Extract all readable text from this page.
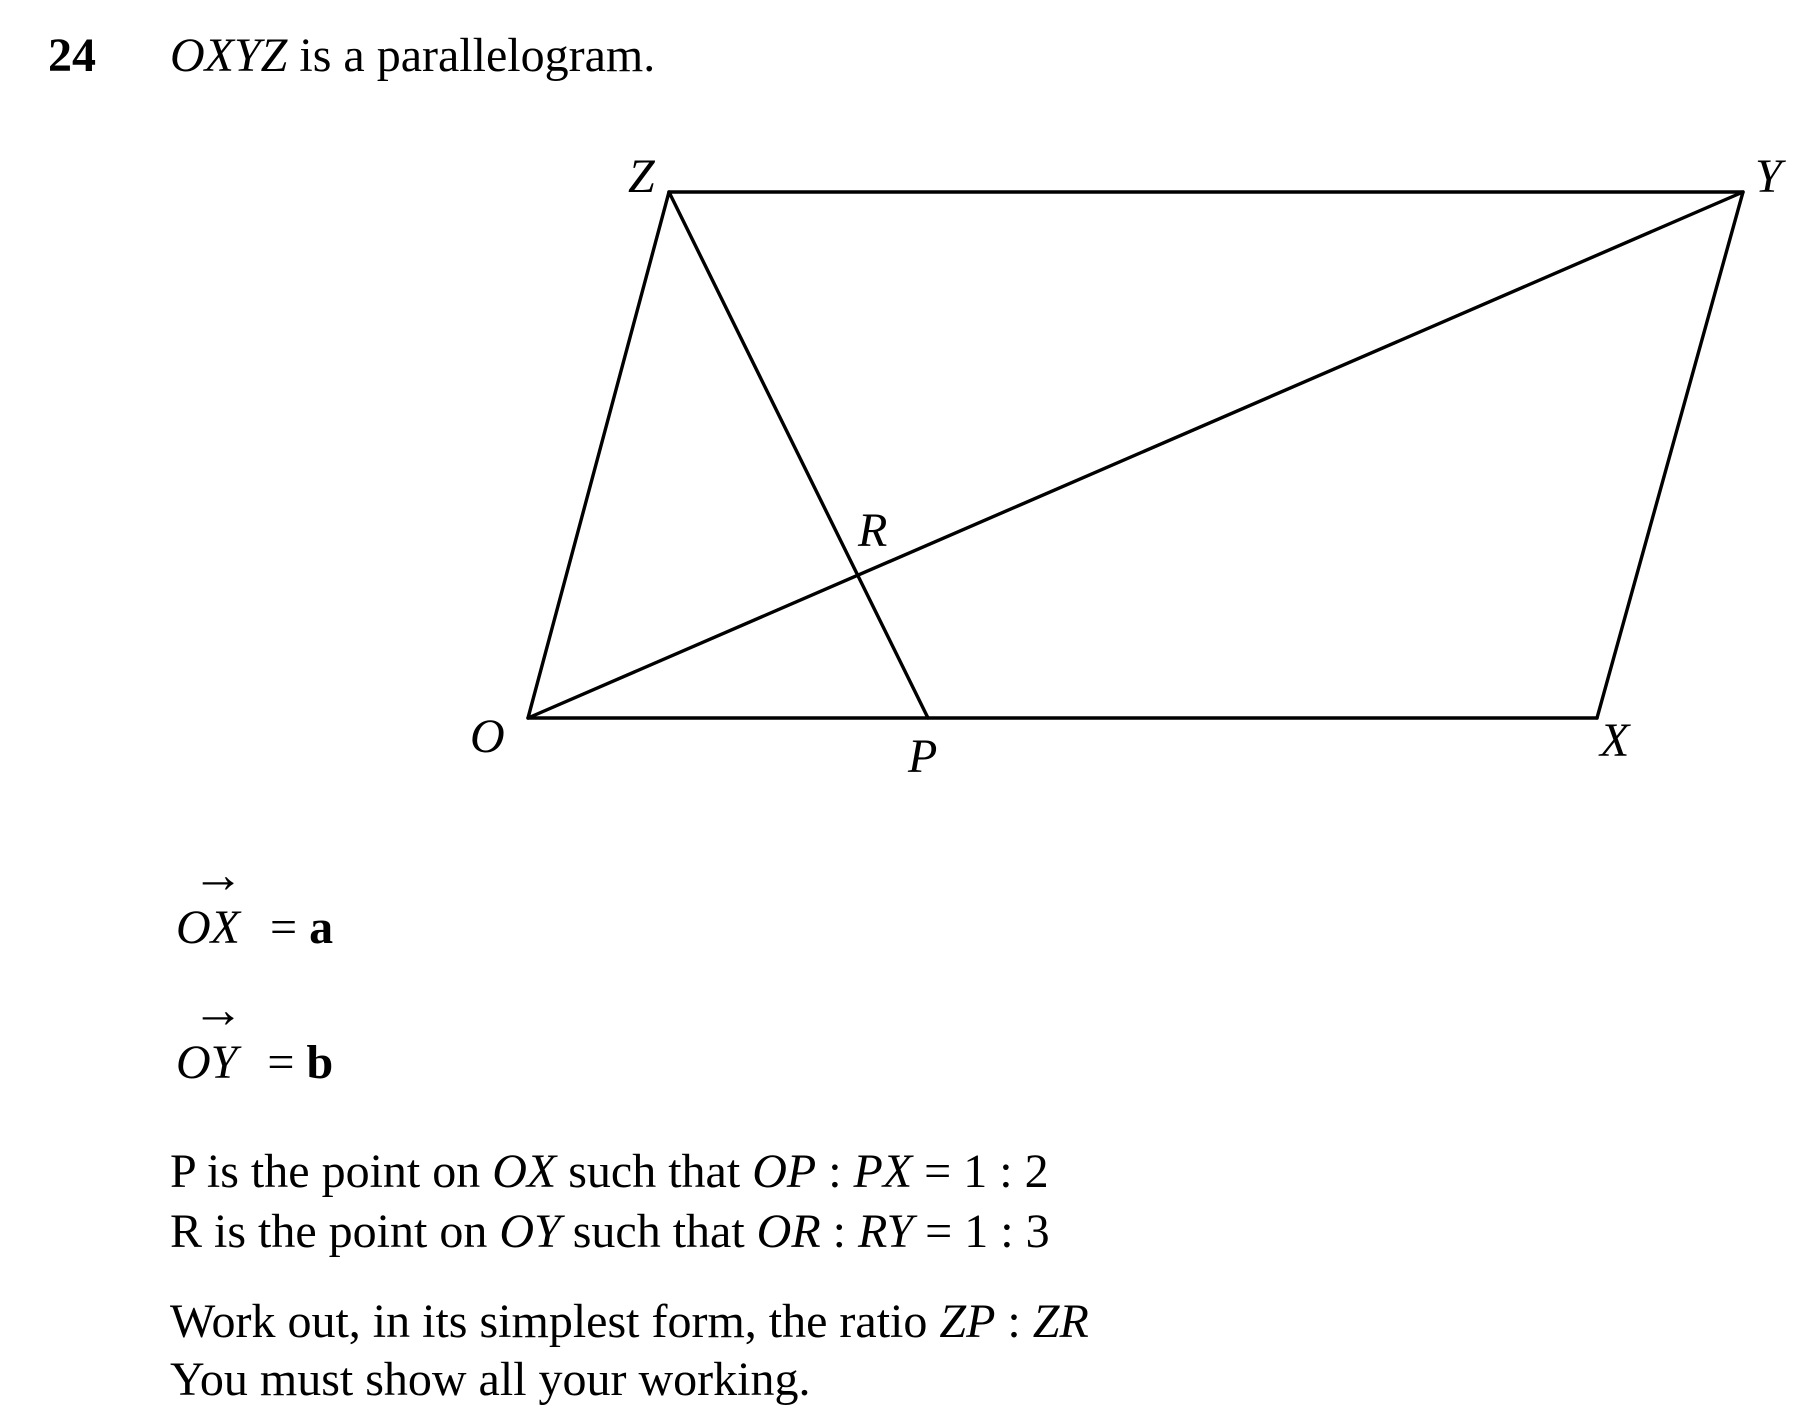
24 OXYZ is a parallelogram.
Z	Y
O	X
P
R
→
OX = a
→
OY = b
P is the point on OX such that OP : PX = 1 : 2
R is the point on OY such that OR : RY = 1 : 3
Work out, in its simplest form, the ratio ZP : ZR
You must show all your working.
